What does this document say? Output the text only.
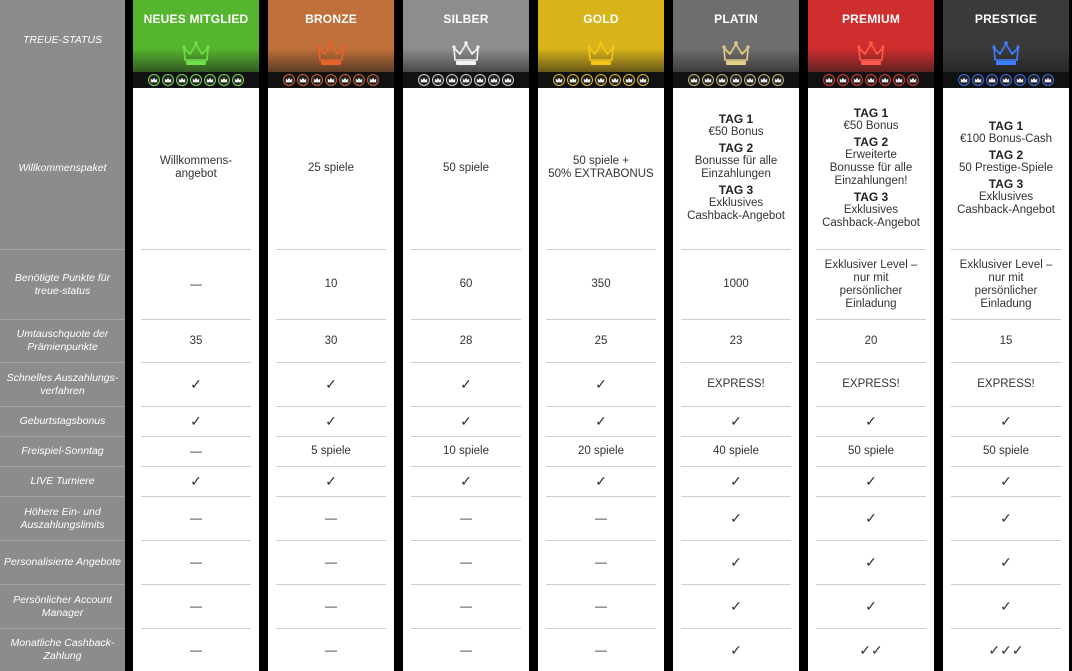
TREUE-STATUS
Willkommenspaket
Benötigte Punkte für treue-status
Umtauschquote der Prämienpunkte
Schnelles Auszahlungs-verfahren
Geburtstagsbonus
Freispiel-Sonntag
LIVE Turniere
Höhere Ein- und Auszahlungslimits
Personalisierte Angebote
Persönlicher Account Manager
Monatliche Cashback-Zahlung
NEUES MITGLIED
Willkommens-
angebot
—
35
✓
✓
—
✓
—
—
—
—
BRONZE
25 spiele
10
30
✓
✓
5 spiele
✓
—
—
—
—
SILBER
50 spiele
60
28
✓
✓
10 spiele
✓
—
—
—
—
GOLD
50 spiele +
50% EXTRABONUS
350
25
✓
✓
20 spiele
✓
—
—
—
—
PLATIN
TAG 1
€50 Bonus
TAG 2
Bonusse für alle
Einzahlungen
TAG 3
Exklusives
Cashback-Angebot
1000
23
EXPRESS!
✓
40 spiele
✓
✓
✓
✓
✓
PREMIUM
TAG 1
€50 Bonus
TAG 2
Erweiterte
Bonusse für alle
Einzahlungen!
TAG 3
Exklusives
Cashback-Angebot
Exklusiver Level –
nur mit
persönlicher
Einladung
20
EXPRESS!
✓
50 spiele
✓
✓
✓
✓
✓✓
PRESTIGE
TAG 1
€100 Bonus-Cash
TAG 2
50 Prestige-Spiele
TAG 3
Exklusives
Cashback-Angebot
Exklusiver Level –
nur mit
persönlicher
Einladung
15
EXPRESS!
✓
50 spiele
✓
✓
✓
✓
✓✓✓
